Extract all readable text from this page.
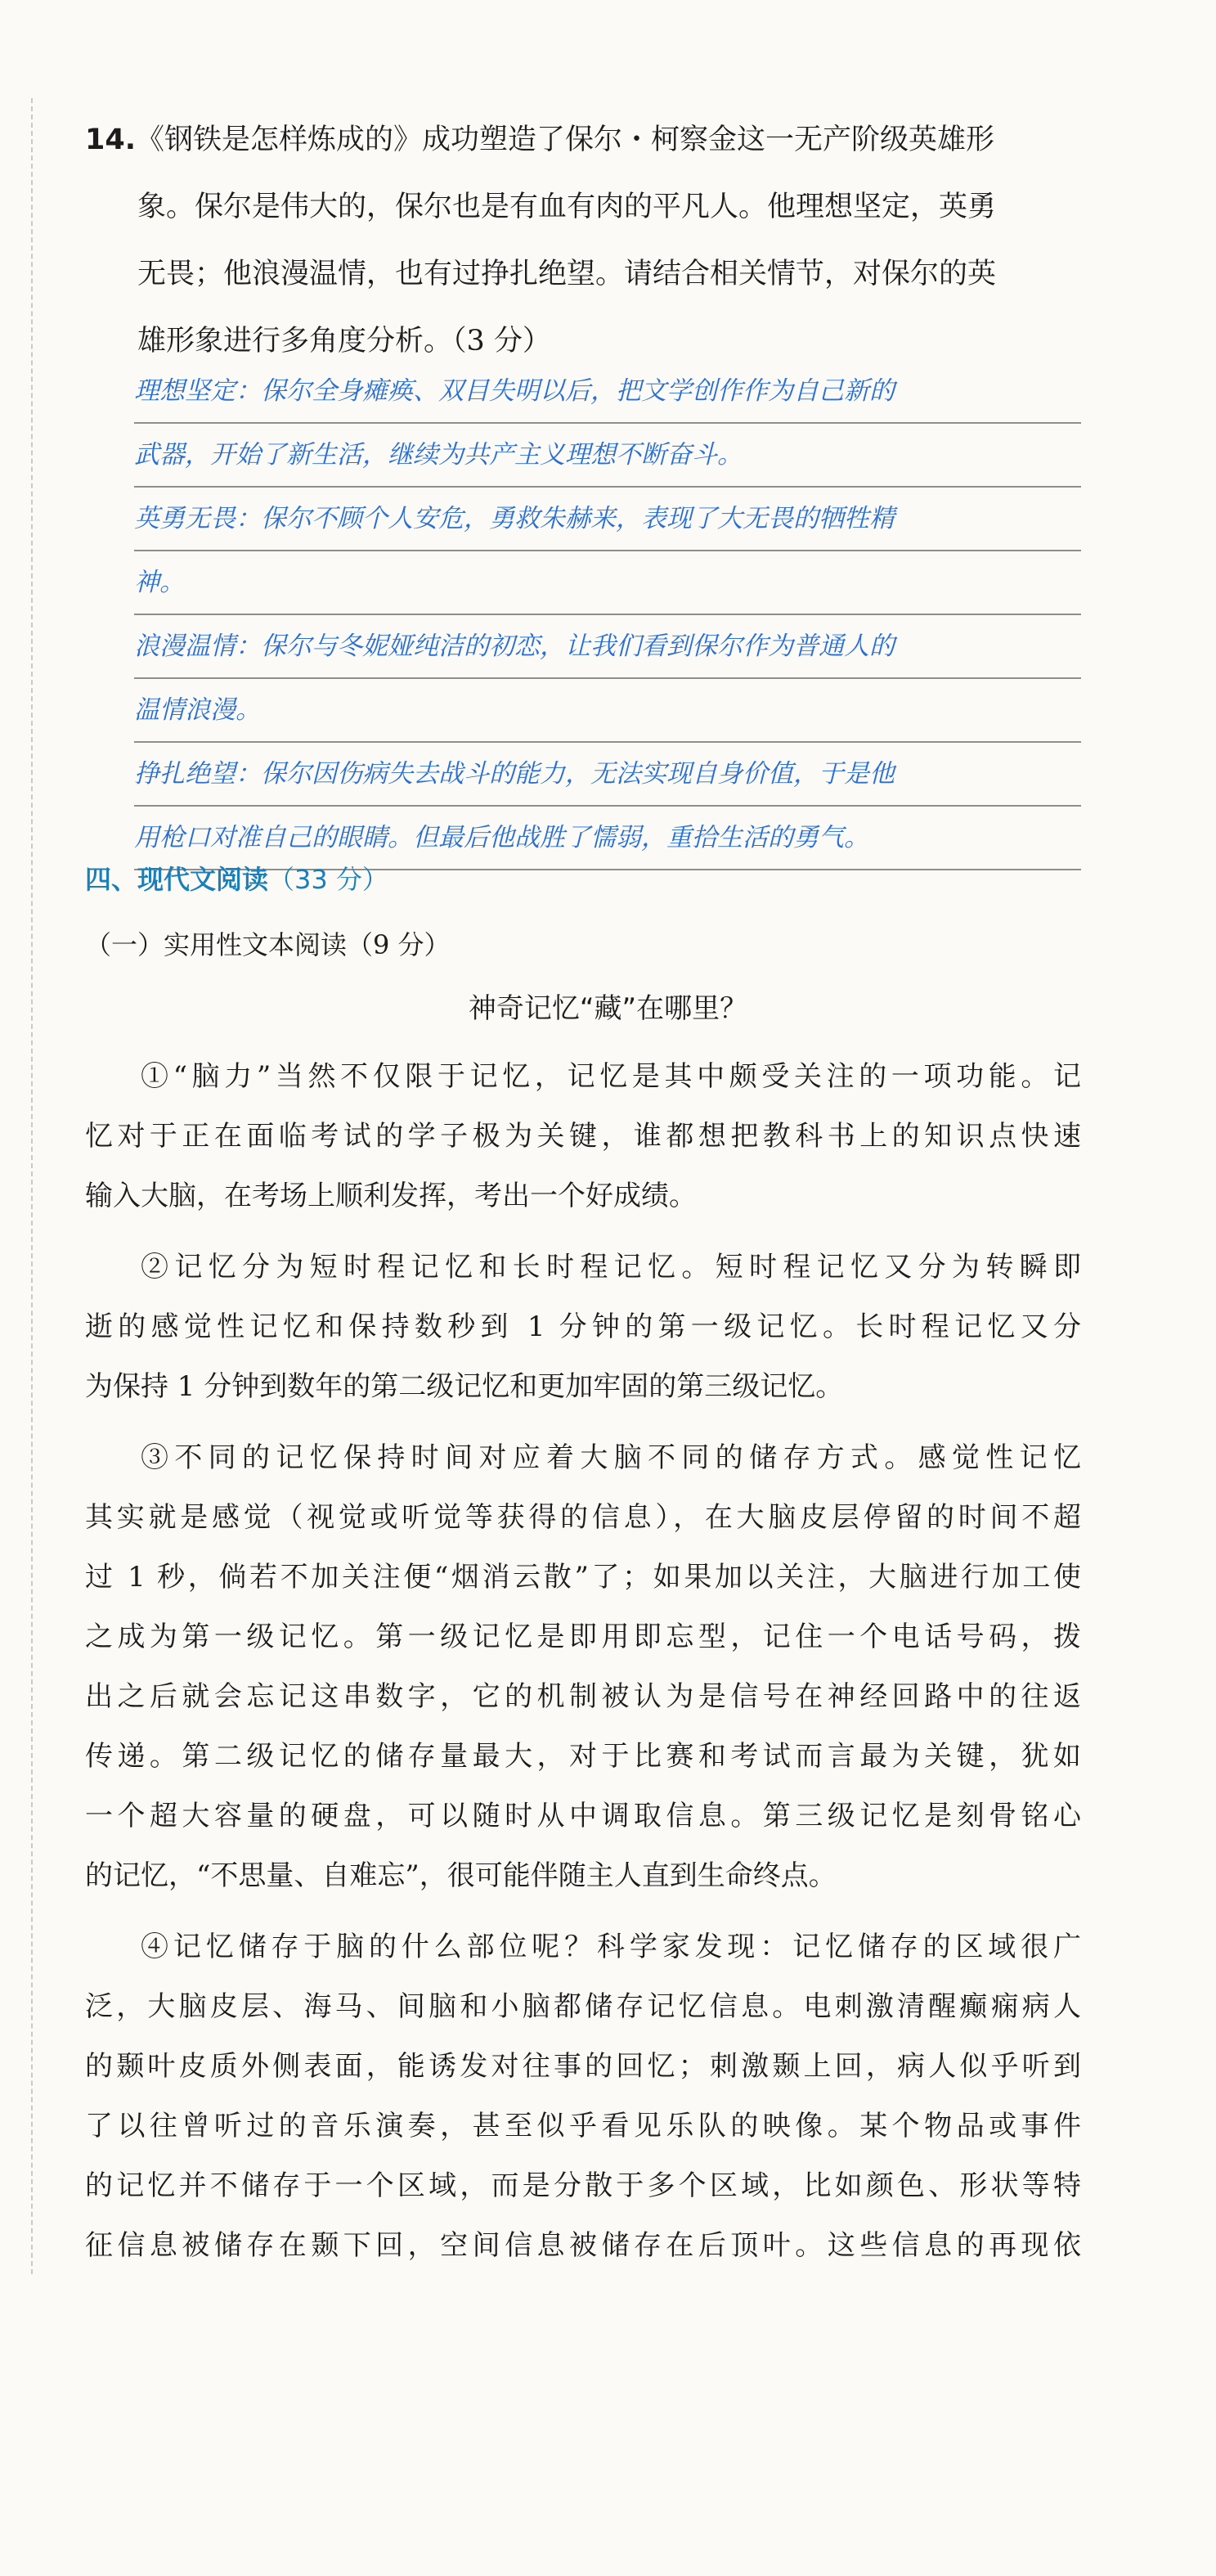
14.《钢铁是怎样炼成的》成功塑造了保尔・柯察金这一无产阶级英雄形
象。保尔是伟大的，保尔也是有血有肉的平凡人。他理想坚定，英勇
无畏；他浪漫温情，也有过挣扎绝望。请结合相关情节，对保尔的英
雄形象进行多角度分析。（3 分）
理想坚定：保尔全身瘫痪、双目失明以后，把文学创作作为自己新的
武器，开始了新生活，继续为共产主义理想不断奋斗。
英勇无畏：保尔不顾个人安危，勇救朱赫来，表现了大无畏的牺牲精
神。
浪漫温情：保尔与冬妮娅纯洁的初恋，让我们看到保尔作为普通人的
温情浪漫。
挣扎绝望：保尔因伤病失去战斗的能力，无法实现自身价值，于是他
用枪口对准自己的眼睛。但最后他战胜了懦弱，重拾生活的勇气。
四、现代文阅读（33 分）
（一）实用性文本阅读（9 分）
神奇记忆“藏”在哪里？
①“脑力”当然不仅限于记忆，记忆是其中颇受关注的一项功能。记
忆对于正在面临考试的学子极为关键，谁都想把教科书上的知识点快速
输入大脑，在考场上顺利发挥，考出一个好成绩。
②记忆分为短时程记忆和长时程记忆。短时程记忆又分为转瞬即
逝的感觉性记忆和保持数秒到 1 分钟的第一级记忆。长时程记忆又分
为保持 1 分钟到数年的第二级记忆和更加牢固的第三级记忆。
③不同的记忆保持时间对应着大脑不同的储存方式。感觉性记忆
其实就是感觉（视觉或听觉等获得的信息），在大脑皮层停留的时间不超
过 1 秒，倘若不加关注便“烟消云散”了；如果加以关注，大脑进行加工使
之成为第一级记忆。第一级记忆是即用即忘型，记住一个电话号码，拨
出之后就会忘记这串数字，它的机制被认为是信号在神经回路中的往返
传递。第二级记忆的储存量最大，对于比赛和考试而言最为关键，犹如
一个超大容量的硬盘，可以随时从中调取信息。第三级记忆是刻骨铭心
的记忆，“不思量、自难忘”，很可能伴随主人直到生命终点。
④记忆储存于脑的什么部位呢？科学家发现：记忆储存的区域很广
泛，大脑皮层、海马、间脑和小脑都储存记忆信息。电刺激清醒癫痫病人
的颞叶皮质外侧表面，能诱发对往事的回忆；刺激颞上回，病人似乎听到
了以往曾听过的音乐演奏，甚至似乎看见乐队的映像。某个物品或事件
的记忆并不储存于一个区域，而是分散于多个区域，比如颜色、形状等特
征信息被储存在颞下回，空间信息被储存在后顶叶。这些信息的再现依
